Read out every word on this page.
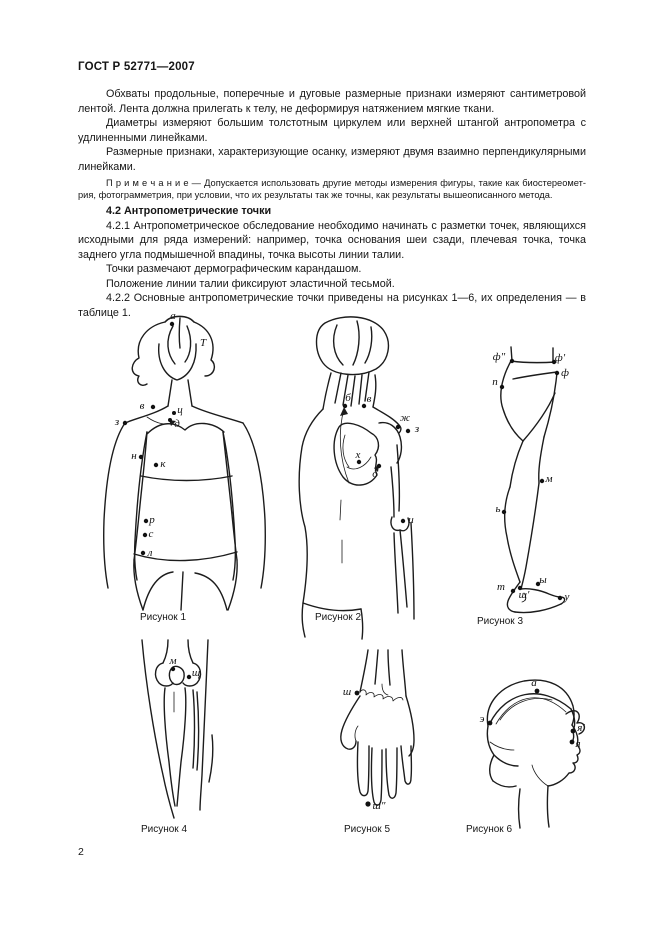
ГОСТ Р 52771—2007

Обхваты продольные, поперечные и дуговые размерные признаки измеряют сантиметровой лентой. Лента должна прилегать к телу, не деформируя натяжением мягкие ткани.

Диаметры измеряют большим толстотным циркулем или верхней штангой антропометра с удлиненными линейками.

Размерные признаки, характеризующие осанку, измеряют двумя взаимно перпендикулярными линейками.

П р и м е ч а н и е — Допускается использовать другие методы измерения фигуры, такие как биостереометрия, фотограмметрия, при условии, что их результаты так же точны, как результаты вышеописанного метода.

4.2 Антропометрические точки

4.2.1 Антропометрическое обследование необходимо начинать с разметки точек, являющихся исходными для ряда измерений: например, точка основания шеи сзади, плечевая точка, точка заднего угла подмышечной впадины, точка высоты линии талии.

Точки размечают дермографическим карандашом.

Положение линии талии фиксируют эластичной тесьмой.

4.2.2 Основные антропометрические точки приведены на рисунках 1—6, их определения — в таблице 1.	а
Т
в	ц
д
з
н
к
р
с
л
Рисунок 1
б в
ж
з
х
о
и
Рисунок 2
ф″	ф′
ф
п
м
ь
т
щ′
ы
у
Рисунок 3
м
щ
Рисунок 4
ш
ш″
Рисунок 5
а
э
я′
я
Рисунок 6
2
